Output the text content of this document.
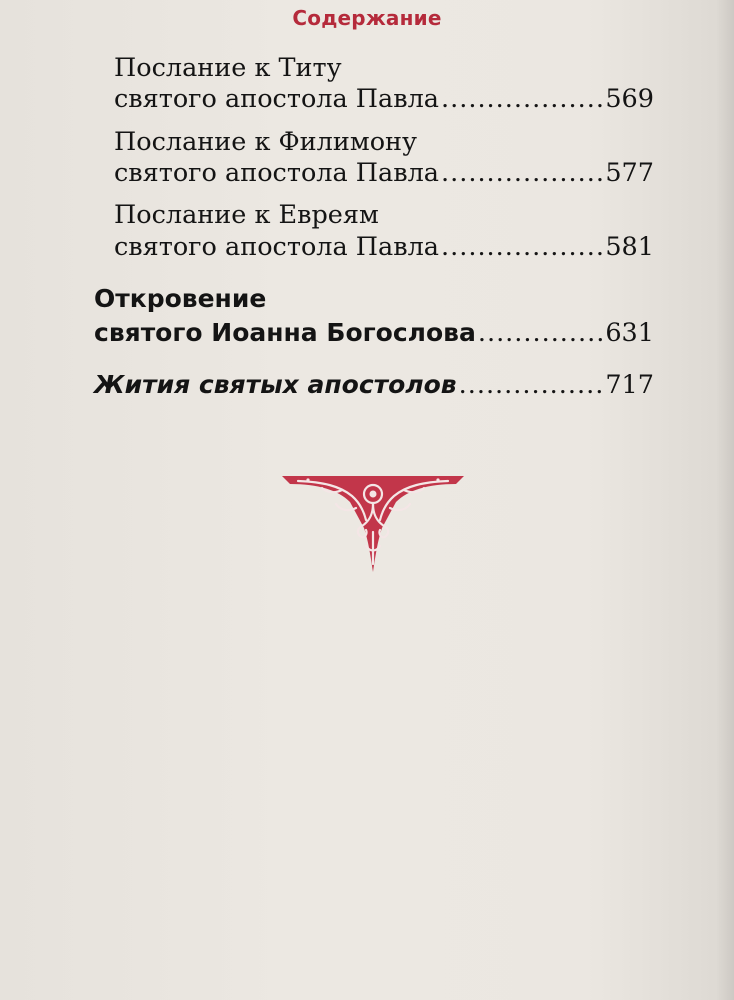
Содержание
Послание к Титу
святого апостола Павла .....	569
Послание к Филимону
святого апостола Павла .....	577
Послание к Евреям
святого апостола Павла .....	581
Откровение
святого Иоанна Богослова .....	631
Жития святых апостолов .....	717
